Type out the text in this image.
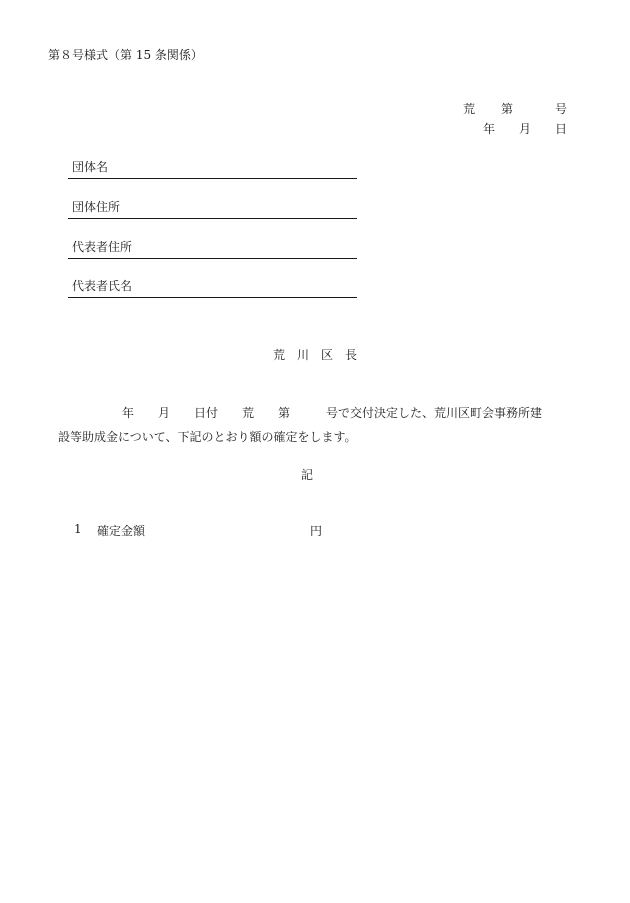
第８号様式（第 15 条関係）
荒 第	号
年 月 日
団体名
団体住所
代表者住所
代表者氏名
荒　川　区　長
年　　月　　日付　　荒　　第　　　号で交付決定した、荒川区町会事務所建
設等助成金について、下記のとおり額の確定をします。
記
1 確定金額	円
